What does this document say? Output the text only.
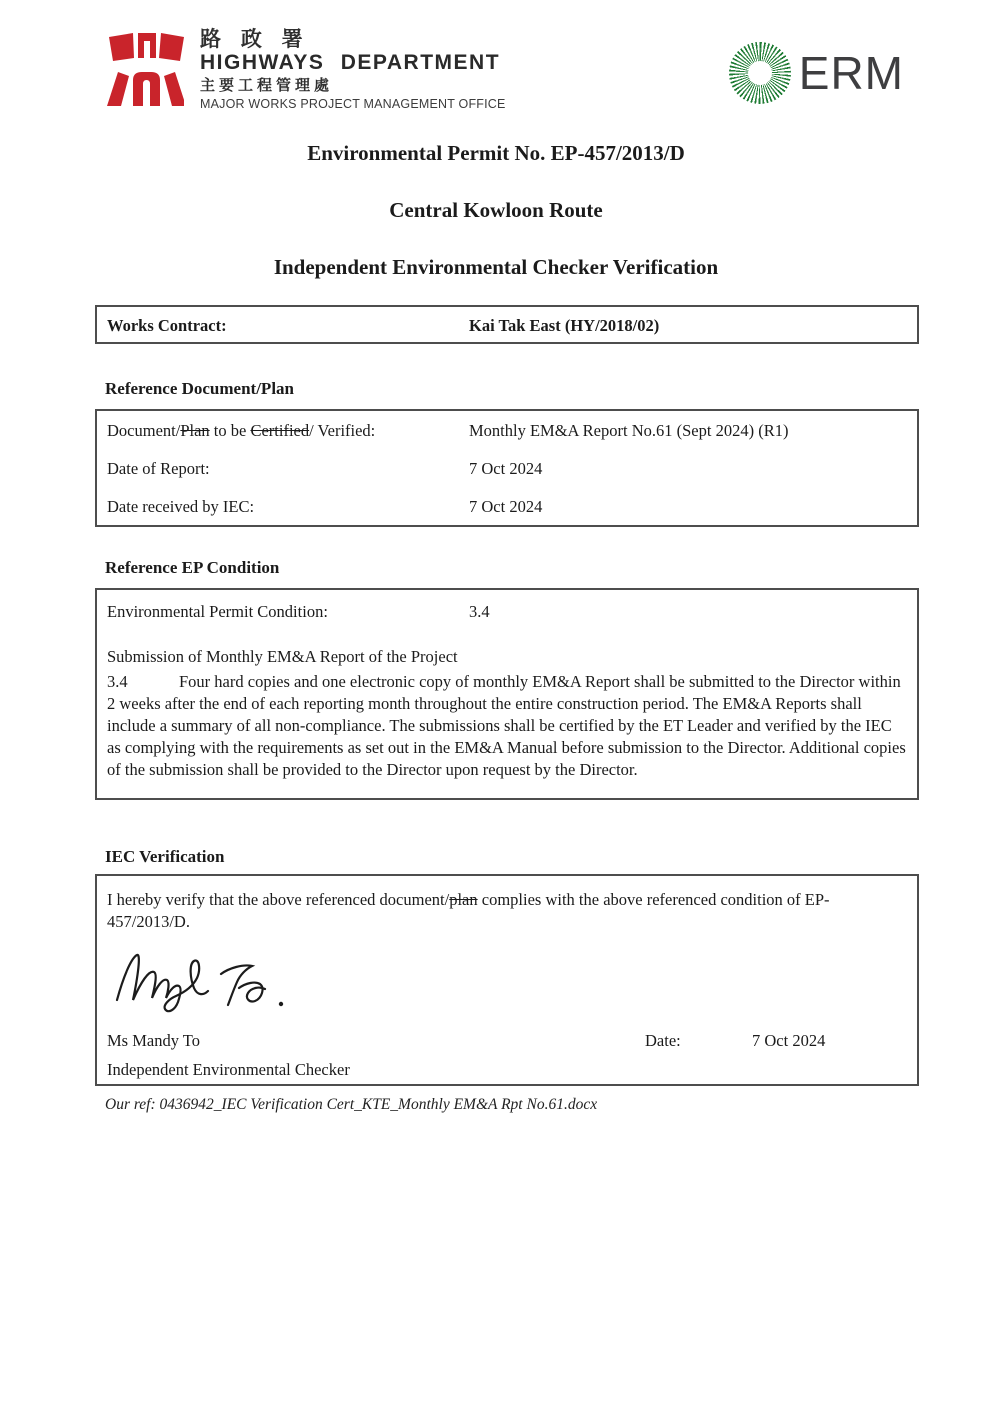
路 政 署
HIGHWAYS DEPARTMENT
主要工程管理處
MAJOR WORKS PROJECT MANAGEMENT OFFICE
ERM
Environmental Permit No. EP-457/2013/D
Central Kowloon Route
Independent Environmental Checker Verification
Works Contract:	Kai Tak East (HY/2018/02)
Reference Document/Plan
Document/Plan to be Certified/ Verified:	Monthly EM&A Report No.61 (Sept 2024) (R1)
Date of Report:	7 Oct 2024
Date received by IEC:	7 Oct 2024
Reference EP Condition
Environmental Permit Condition:	3.4
Submission of Monthly EM&A Report of the Project
3.4	Four hard copies and one electronic copy of monthly EM&A Report shall be submitted to the Director within 2 weeks after the end of each reporting month throughout the entire construction period. The EM&A Reports shall include a summary of all non-compliance. The submissions shall be certified by the ET Leader and verified by the IEC as complying with the requirements as set out in the EM&A Manual before submission to the Director. Additional copies of the submission shall be provided to the Director upon request by the Director.
IEC Verification
I hereby verify that the above referenced document/plan complies with the above referenced condition of EP-457/2013/D.
Ms Mandy To	Date:	7 Oct 2024
Independent Environmental Checker
Our ref: 0436942_IEC Verification Cert_KTE_Monthly EM&A Rpt No.61.docx
